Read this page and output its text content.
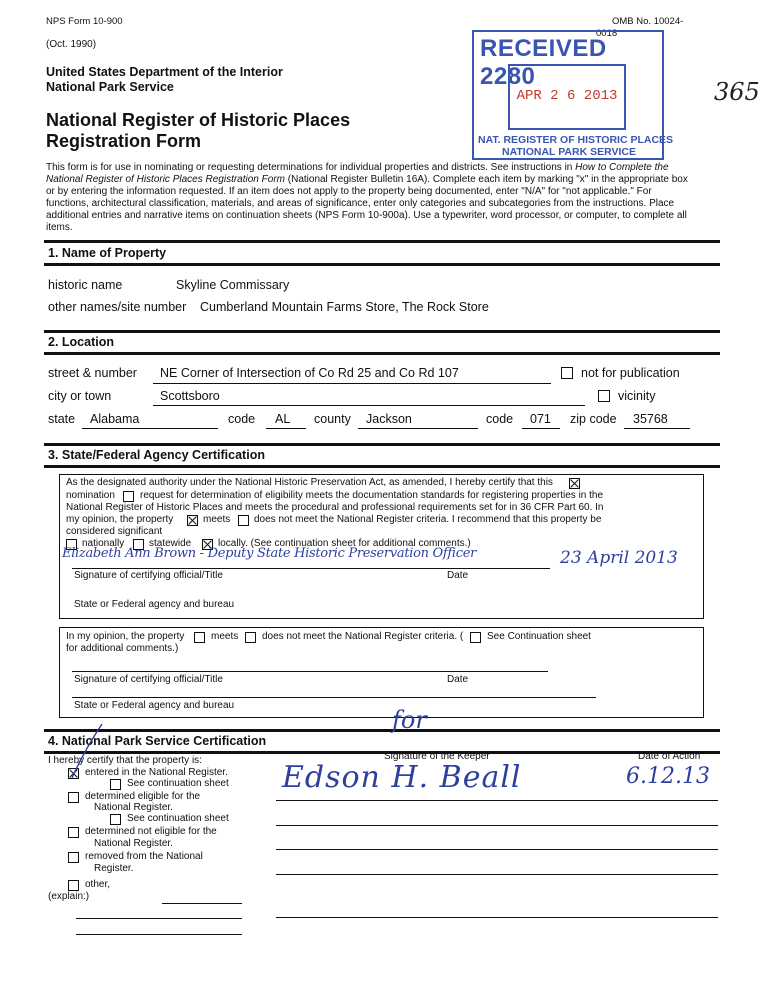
NPS Form 10-900
(Oct. 1990)
OMB No. 10024-
0018
United States Department of the Interior
National Park Service
National Register of Historic Places
Registration Form
RECEIVED 2280
APR 2 6 2013
NAT. REGISTER OF HISTORIC PLACES
NATIONAL PARK SERVICE
365
This form is for use in nominating or requesting determinations for individual properties and districts. See instructions in How to Complete the
National Register of Historic Places Registration Form (National Register Bulletin 16A). Complete each item by marking "x" in the appropriate box
or by entering the information requested. If an item does not apply to the property being documented, enter "N/A" for "not applicable." For
functions, architectural classification, materials, and areas of significance, enter only categories and subcategories from the instructions. Place
additional entries and narrative items on continuation sheets (NPS Form 10-900a). Use a typewriter, word processor, or computer, to complete all
items.
1. Name of Property
historic name	Skyline Commissary
other names/site number Cumberland Mountain Farms Store, The Rock Store
2. Location
street & number NE Corner of Intersection of Co Rd 25 and Co Rd 107	not for publication
city or town	Scottsboro	vicinity
state Alabama	code AL county Jackson	code 071 zip code 35768
3. State/Federal Agency Certification
As the designated authority under the National Historic Preservation Act, as amended, I hereby certify that this
nomination	request for determination of eligibility meets the documentation standards for registering properties in the
National Register of Historic Places and meets the procedural and professional requirements set for in 36 CFR Part 60. In
my opinion, the property	meets does not meet the National Register criteria. I recommend that this property be
considered significant
nationally statewide	locally. (See continuation sheet for additional comments.)
Elizabeth Ann Brown - Deputy State Historic Preservation Officer	23 April 2013
Signature of certifying official/Title	Date
State or Federal agency and bureau
In my opinion, the property	meets does not meet the National Register criteria. ( See Continuation sheet
for additional comments.)
Signature of certifying official/Title	Date
State or Federal agency and bureau
4. National Park Service Certification
I hereby certify that the property is:
entered in the National Register.
See continuation sheet
determined eligible for the
National Register.
See continuation sheet
determined not eligible for the
National Register.
removed from the National
Register.
other,
(explain:)
Signature of the Keeper	Date of Action
for
Edson H. Beall	6.12.13
